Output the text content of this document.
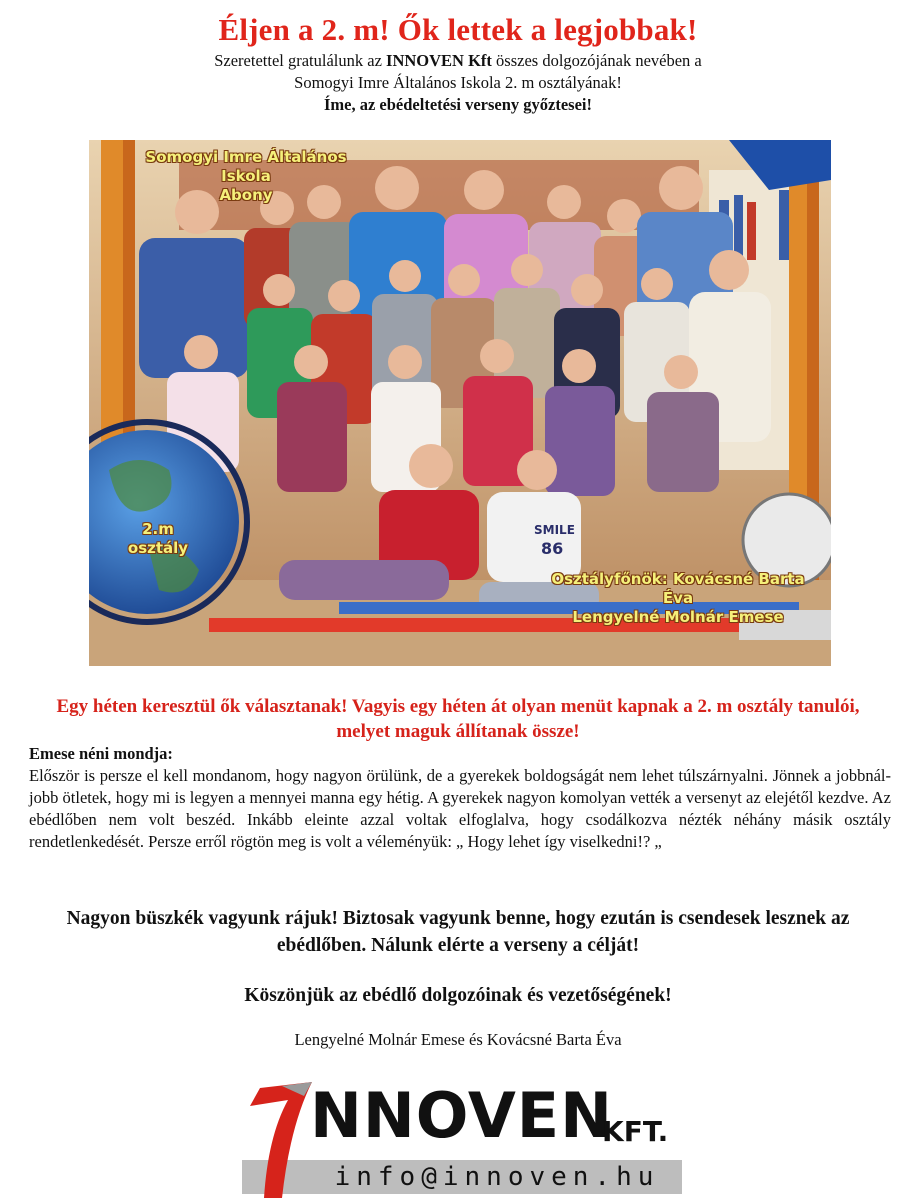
Éljen a 2. m! Ők lettek a legjobbak!
Szeretettel gratulálunk az INNOVEN Kft összes dolgozójának nevében a
Somogyi Imre Általános Iskola 2. m osztályának!
Íme, az ebédeltetési verseny győztesei!
SMILE
86
Somogyi Imre Általános Iskola
Abony
2.m
osztály
Osztályfőnök: Kovácsné Barta Éva
Lengyelné Molnár Emese
Egy héten keresztül ők választanak! Vagyis egy héten át olyan menüt kapnak a 2. m osztály tanulói, melyet maguk állítanak össze!
Emese néni mondja:
Először is persze el kell mondanom, hogy nagyon örülünk, de a gyerekek boldogságát nem lehet túlszárnyalni. Jönnek a jobbnál-jobb ötletek, hogy mi is legyen a mennyei manna egy hétig. A gyerekek nagyon komolyan vették a versenyt az elejétől kezdve. Az ebédlőben nem volt beszéd. Inkább eleinte azzal voltak elfoglalva, hogy csodálkozva nézték néhány másik osztály rendetlenkedését. Persze erről rögtön meg is volt a véleményük: „ Hogy lehet így viselkedni!? „
Nagyon büszkék vagyunk rájuk! Biztosak vagyunk benne, hogy ezután is csendesek lesznek az ebédlőben. Nálunk elérte a verseny a célját!
Köszönjük az ebédlő dolgozóinak és vezetőségének!
Lengyelné Molnár Emese és Kovácsné Barta Éva
NNOVEN
KFT.
info@innoven.hu
